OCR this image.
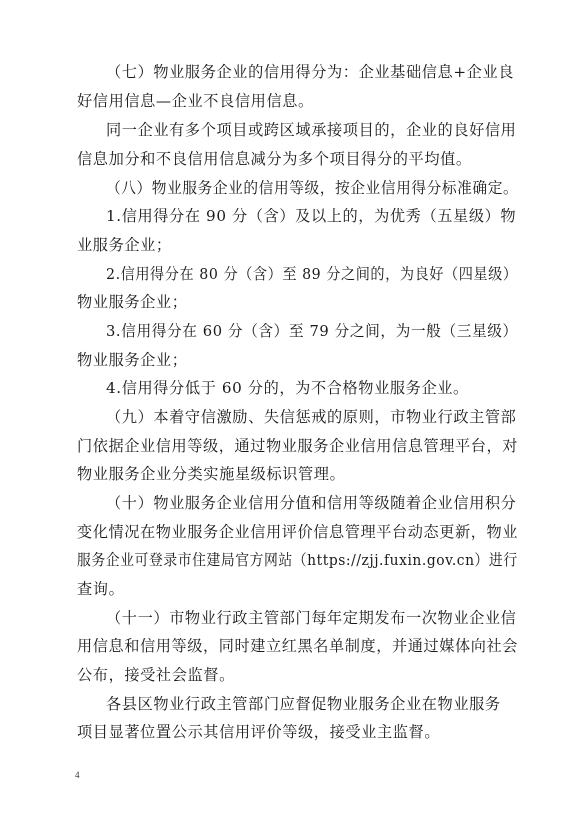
（七）物业服务企业的信用得分为：企业基础信息+企业良
好信用信息—企业不良信用信息。
同一企业有多个项目或跨区域承接项目的，企业的良好信用
信息加分和不良信用信息减分为多个项目得分的平均值。
（八）物业服务企业的信用等级，按企业信用得分标准确定。
1.信用得分在 90 分（含）及以上的，为优秀（五星级）物
业服务企业；
2.信用得分在 80 分（含）至 89 分之间的，为良好（四星级）
物业服务企业；
3.信用得分在 60 分（含）至 79 分之间，为一般（三星级）
物业服务企业；
4.信用得分低于 60 分的，为不合格物业服务企业。
（九）本着守信激励、失信惩戒的原则，市物业行政主管部
门依据企业信用等级，通过物业服务企业信用信息管理平台，对
物业服务企业分类实施星级标识管理。
（十）物业服务企业信用分值和信用等级随着企业信用积分
变化情况在物业服务企业信用评价信息管理平台动态更新，物业
服务企业可登录市住建局官方网站（https://zjj.fuxin.gov.cn）进行
查询。
（十一）市物业行政主管部门每年定期发布一次物业企业信
用信息和信用等级，同时建立红黑名单制度，并通过媒体向社会
公布，接受社会监督。
各县区物业行政主管部门应督促物业服务企业在物业服务
项目显著位置公示其信用评价等级，接受业主监督。
4
